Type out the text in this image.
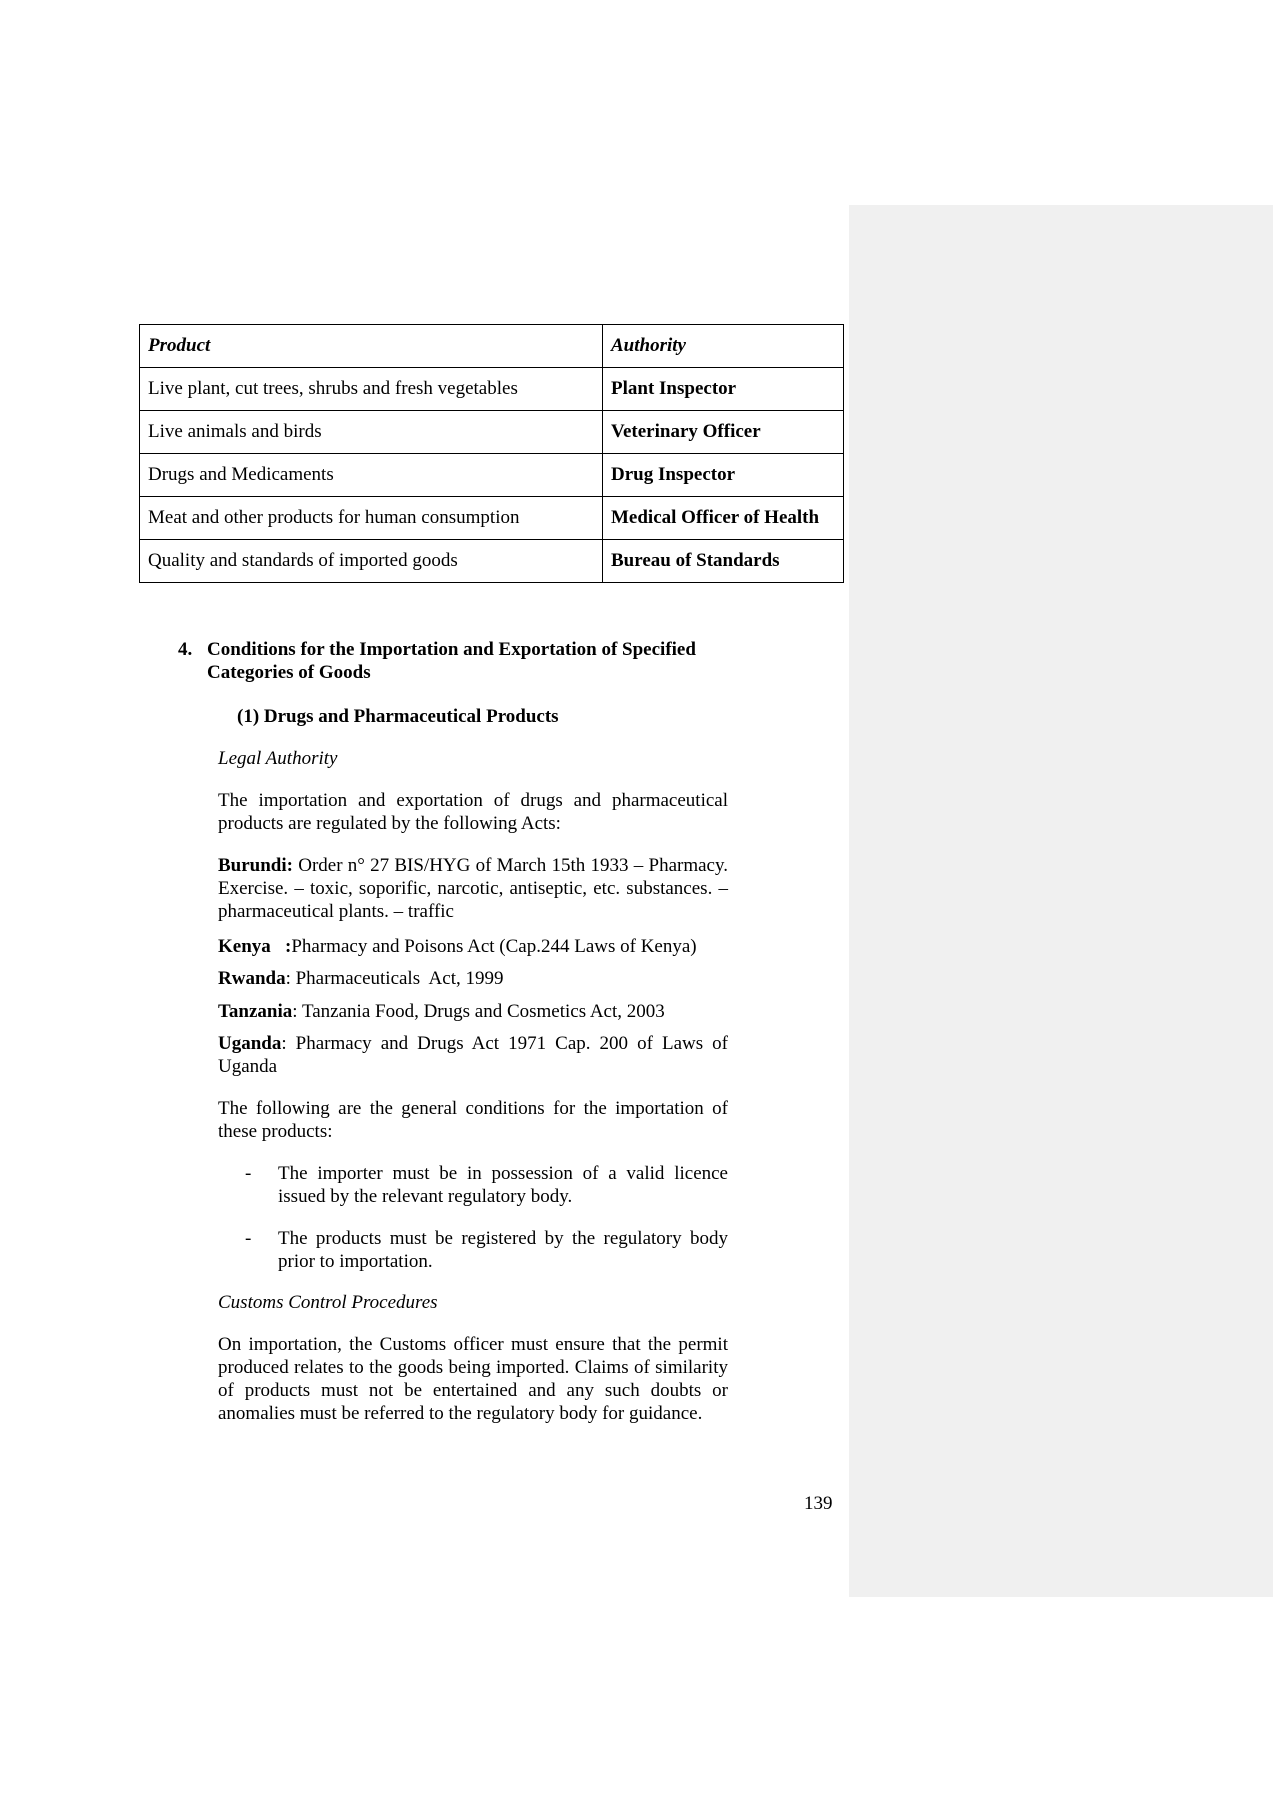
Product	Authority
Live plant, cut trees, shrubs and fresh vegetables	Plant Inspector
Live animals and birds	Veterinary Officer
Drugs and Medicaments	Drug Inspector
Meat and other products for human consumption	Medical Officer of Health
Quality and standards of imported goods	Bureau of Standards
4. Conditions for the Importation and Exportation of Specified Categories of Goods
(1) Drugs and Pharmaceutical Products
Legal Authority
The importation and exportation of drugs and pharmaceutical products are regulated by the following Acts:
Burundi: Order n° 27 BIS/HYG of March 15th 1933 – Pharmacy. Exercise. – toxic, soporific, narcotic, antiseptic, etc. substances. – pharmaceutical plants. – traffic
Kenya   :Pharmacy and Poisons Act (Cap.244 Laws of Kenya)
Rwanda: Pharmaceuticals  Act, 1999
Tanzania: Tanzania Food, Drugs and Cosmetics Act, 2003
Uganda: Pharmacy and Drugs Act 1971 Cap. 200 of Laws of Uganda
The following are the general conditions for the importation of these products:
- The importer must be in possession of a valid licence issued by the relevant regulatory body.
- The products must be registered by the regulatory body prior to importation.
Customs Control Procedures
On importation, the Customs officer must ensure that the permit produced relates to the goods being imported. Claims of similarity of products must not be entertained and any such doubts or anomalies must be referred to the regulatory body for guidance.
139
